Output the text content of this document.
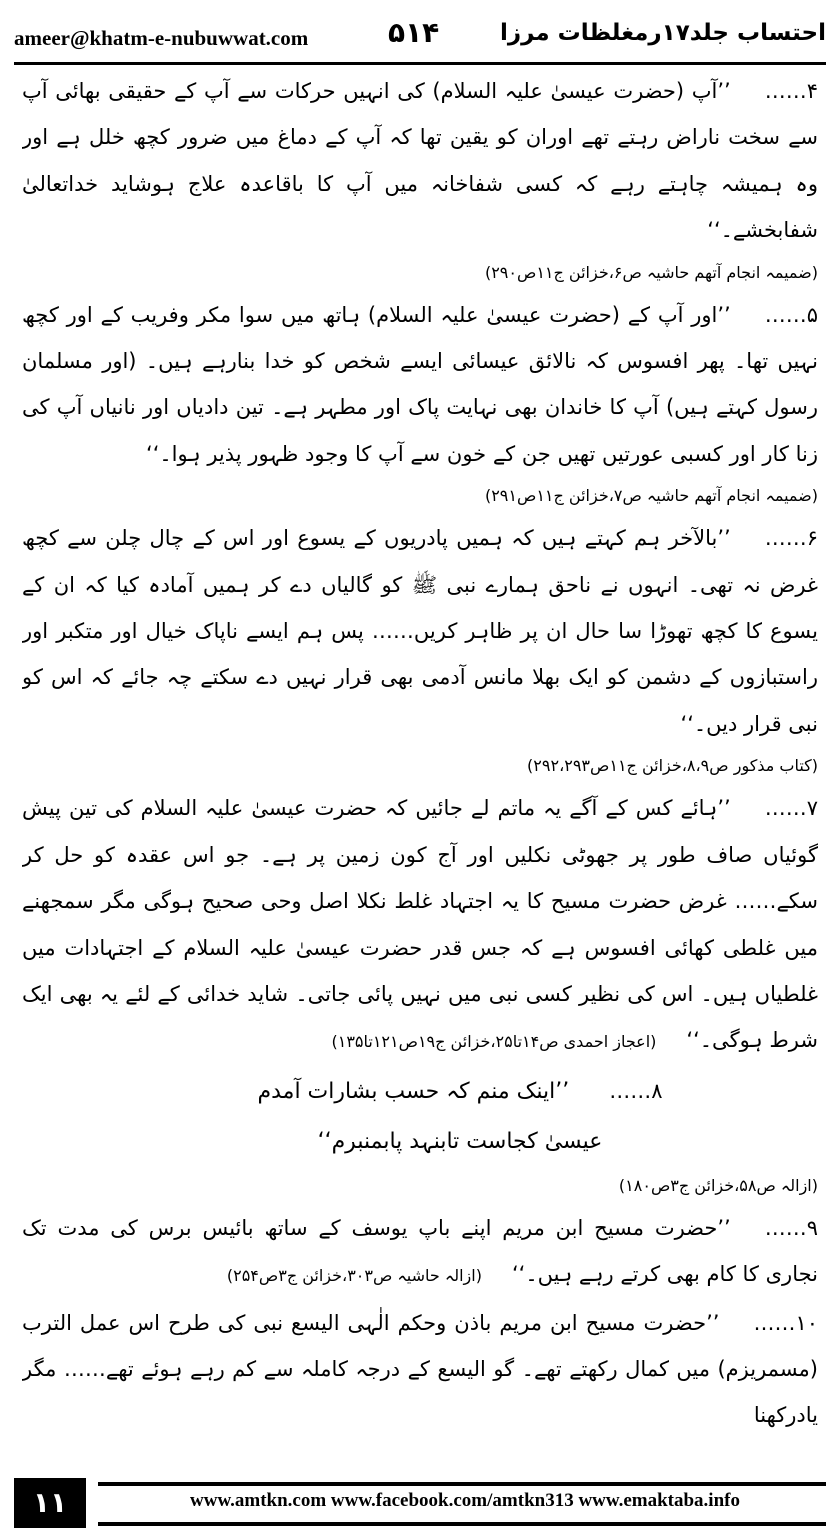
ameer@khatm-e-nubuwwat.com	۵۱۴	احتساب جلد۱۷رمغلظات مرزا

۴……’’آپ (حضرت عیسیٰ علیہ السلام) کی انہیں حرکات سے آپ کے حقیقی بھائی آپ سے سخت ناراض رہتے تھے اوران کو یقین تھا کہ آپ کے دماغ میں ضرور کچھ خلل ہے اور وہ ہمیشہ چاہتے رہے کہ کسی شفاخانہ میں آپ کا باقاعدہ علاج ہوشاید خداتعالیٰ شفابخشے۔‘‘

(ضمیمہ انجام آتھم حاشیہ ص۶،خزائن ج۱۱ص۲۹۰)

۵……’’اور آپ کے (حضرت عیسیٰ علیہ السلام) ہاتھ میں سوا مکر وفریب کے اور کچھ نہیں تھا۔ پھر افسوس کہ نالائق عیسائی ایسے شخص کو خدا بنارہے ہیں۔ (اور مسلمان رسول کہتے ہیں) آپ کا خاندان بھی نہایت پاک اور مطہر ہے۔ تین دادیاں اور نانیاں آپ کی زنا کار اور کسبی عورتیں تھیں جن کے خون سے آپ کا وجود ظہور پذیر ہوا۔‘‘

(ضمیمہ انجام آتھم حاشیہ ص۷،خزائن ج۱۱ص۲۹۱)

۶……’’بالآخر ہم کہتے ہیں کہ ہمیں پادریوں کے یسوع اور اس کے چال چلن سے کچھ غرض نہ تھی۔ انہوں نے ناحق ہمارے نبی ﷺ کو گالیاں دے کر ہمیں آمادہ کیا کہ ان کے یسوع کا کچھ تھوڑا سا حال ان پر ظاہر کریں…… پس ہم ایسے ناپاک خیال اور متکبر اور راستبازوں کے دشمن کو ایک بھلا مانس آدمی بھی قرار نہیں دے سکتے چہ جائے کہ اس کو نبی قرار دیں۔‘‘

(کتاب مذکور ص۸،۹،خزائن ج۱۱ص۲۹۲،۲۹۳)

۷……’’ہائے کس کے آگے یہ ماتم لے جائیں کہ حضرت عیسیٰ علیہ السلام کی تین پیش گوئیاں صاف طور پر جھوٹی نکلیں اور آج کون زمین پر ہے۔ جو اس عقدہ کو حل کر سکے…… غرض حضرت مسیح کا یہ اجتہاد غلط نکلا اصل وحی صحیح ہوگی مگر سمجھنے میں غلطی کھائی افسوس ہے کہ جس قدر حضرت عیسیٰ علیہ السلام کے اجتہادات میں غلطیاں ہیں۔ اس کی نظیر کسی نبی میں نہیں پائی جاتی۔ شاید خدائی کے لئے یہ بھی ایک شرط ہوگی۔‘‘(اعجاز احمدی ص۱۴تا۲۵،خزائن ج۱۹ص۱۲۱تا۱۳۵)

۸……’’اینک منم کہ حسب بشارات آمدم

عیسیٰ کجاست تابنہد پابمنبرم‘‘

(ازالہ ص۵۸،خزائن ج۳ص۱۸۰)

۹……’’حضرت مسیح ابن مریم اپنے باپ یوسف کے ساتھ بائیس برس کی مدت تک نجاری کا کام بھی کرتے رہے ہیں۔‘‘(ازالہ حاشیہ ص۳۰۳،خزائن ج۳ص۲۵۴)

۱۰……’’حضرت مسیح ابن مریم باذن وحکم الٰہی الیسع نبی کی طرح اس عمل الترب (مسمریزم) میں کمال رکھتے تھے۔ گو الیسع کے درجہ کاملہ سے کم رہے ہوئے تھے…… مگر یادرکھنا

۱۱	www.amtkn.com www.facebook.com/amtkn313 www.emaktaba.info
